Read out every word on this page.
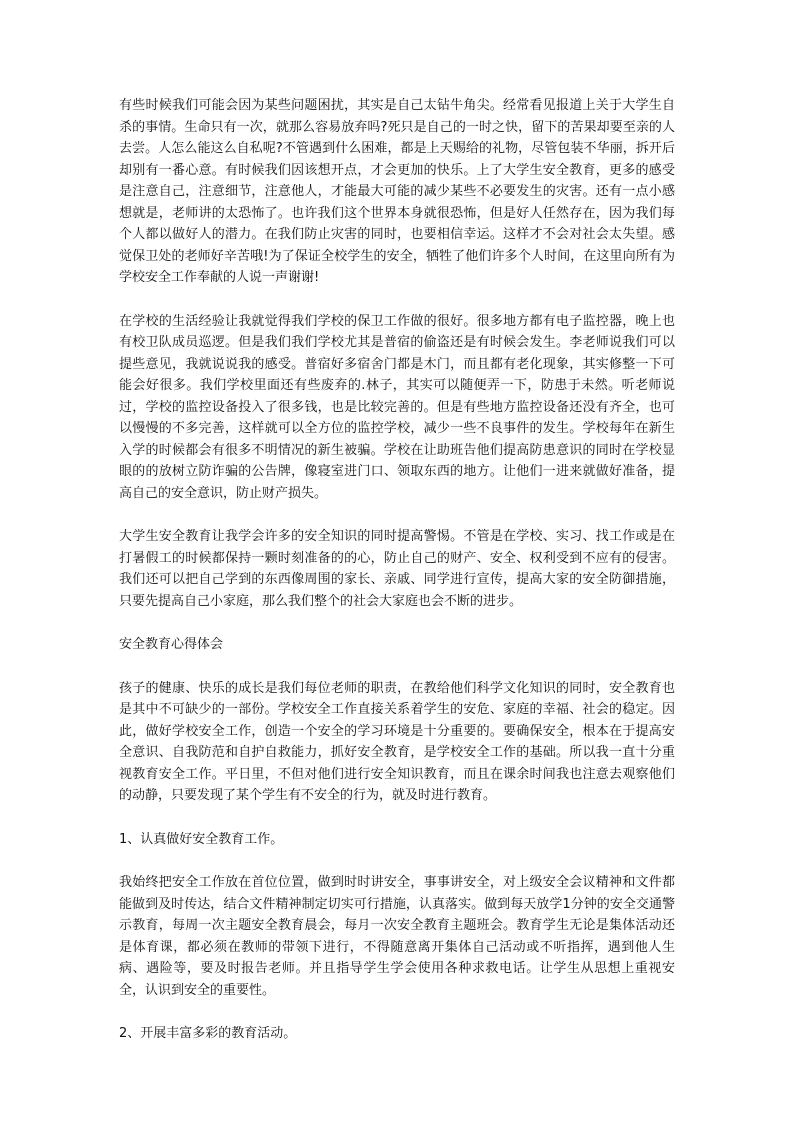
有些时候我们可能会因为某些问题困扰，其实是自己太钻牛角尖。经常看见报道上关于大学生自杀的事情。生命只有一次，就那么容易放弃吗?死只是自己的一时之快，留下的苦果却要至亲的人去尝。人怎么能这么自私呢?不管遇到什么困难，都是上天赐给的礼物，尽管包装不华丽，拆开后却别有一番心意。有时候我们因该想开点，才会更加的快乐。上了大学生安全教育，更多的感受是注意自己，注意细节，注意他人，才能最大可能的减少某些不必要发生的灾害。还有一点小感想就是，老师讲的太恐怖了。也许我们这个世界本身就很恐怖，但是好人任然存在，因为我们每个人都以做好人的潜力。在我们防止灾害的同时，也要相信幸运。这样才不会对社会太失望。感觉保卫处的老师好辛苦哦!为了保证全校学生的安全，牺牲了他们许多个人时间，在这里向所有为学校安全工作奉献的人说一声谢谢!

在学校的生活经验让我就觉得我们学校的保卫工作做的很好。很多地方都有电子监控器，晚上也有校卫队成员巡逻。但是我们我们学校尤其是普宿的偷盗还是有时候会发生。李老师说我们可以提些意见，我就说说我的感受。普宿好多宿舍门都是木门，而且都有老化现象，其实修整一下可能会好很多。我们学校里面还有些废弃的.林子，其实可以随便弄一下，防患于未然。听老师说过，学校的监控设备投入了很多钱，也是比较完善的。但是有些地方监控设备还没有齐全，也可以慢慢的不多完善，这样就可以全方位的监控学校，减少一些不良事件的发生。学校每年在新生入学的时候都会有很多不明情况的新生被骗。学校在让助班告他们提高防患意识的同时在学校显眼的的放树立防诈骗的公告牌，像寝室进门口、领取东西的地方。让他们一进来就做好准备，提高自己的安全意识，防止财产损失。

大学生安全教育让我学会许多的安全知识的同时提高警惕。不管是在学校、实习、找工作或是在打暑假工的时候都保持一颗时刻准备的的心，防止自己的财产、安全、权利受到不应有的侵害。我们还可以把自己学到的东西像周围的家长、亲戚、同学进行宣传，提高大家的安全防御措施，只要先提高自己小家庭，那么我们整个的社会大家庭也会不断的进步。

安全教育心得体会

孩子的健康、快乐的成长是我们每位老师的职责，在教给他们科学文化知识的同时，安全教育也是其中不可缺少的一部份。学校安全工作直接关系着学生的安危、家庭的幸福、社会的稳定。因此，做好学校安全工作，创造一个安全的学习环境是十分重要的。要确保安全，根本在于提高安全意识、自我防范和自护自救能力，抓好安全教育，是学校安全工作的基础。所以我一直十分重视教育安全工作。平日里，不但对他们进行安全知识教育，而且在课余时间我也注意去观察他们的动静，只要发现了某个学生有不安全的行为，就及时进行教育。

1、认真做好安全教育工作。

我始终把安全工作放在首位位置，做到时时讲安全，事事讲安全，对上级安全会议精神和文件都能做到及时传达，结合文件精神制定切实可行措施，认真落实。做到每天放学1分钟的安全交通警示教育，每周一次主题安全教育晨会，每月一次安全教育主题班会。教育学生无论是集体活动还是体育课，都必须在教师的带领下进行，不得随意离开集体自己活动或不听指挥，遇到他人生病、遇险等，要及时报告老师。并且指导学生学会使用各种求救电话。让学生从思想上重视安全，认识到安全的重要性。

2、开展丰富多彩的教育活动。
